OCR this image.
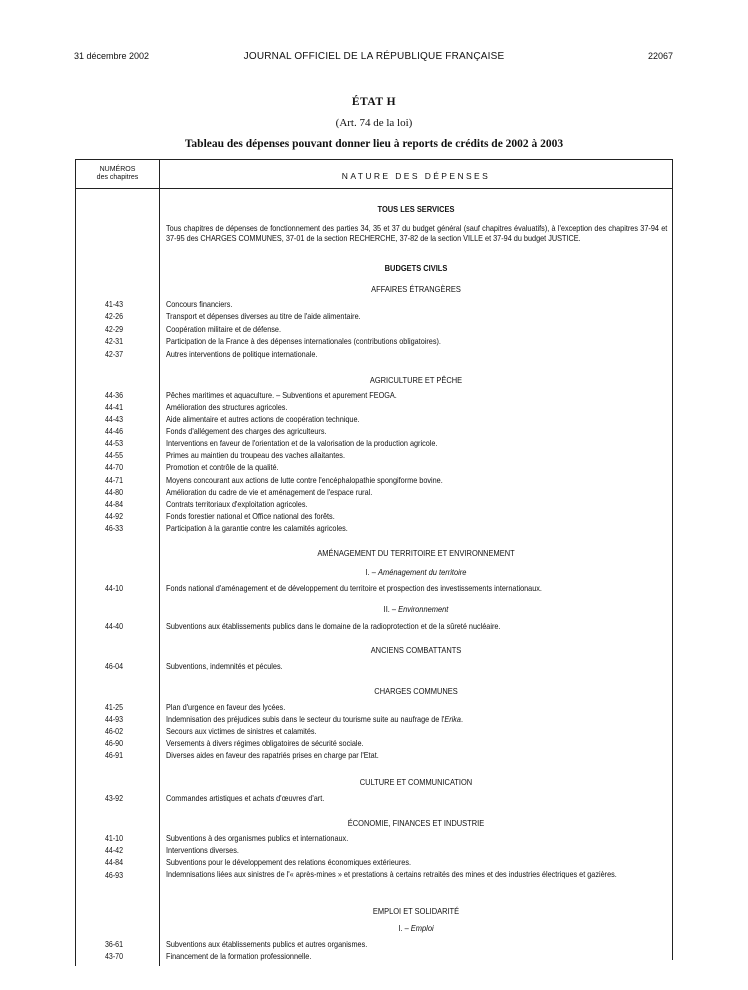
31 décembre 2002	JOURNAL OFFICIEL DE LA RÉPUBLIQUE FRANÇAISE	22067
ÉTAT H
(Art. 74 de la loi)
Tableau des dépenses pouvant donner lieu à reports de crédits de 2002 à 2003
NUMÉROS
des chapitres	NATURE DES DÉPENSES
TOUS LES SERVICES
Tous chapitres de dépenses de fonctionnement des parties 34, 35 et 37 du budget général (sauf chapitres évaluatifs), à l'exception des chapitres 37-94 et 37-95 des CHARGES COMMUNES, 37-01 de la section RECHERCHE, 37-82 de la section VILLE et 37-94 du budget JUSTICE.
BUDGETS CIVILS
AFFAIRES ÉTRANGÈRES
41-43	Concours financiers.
42-26	Transport et dépenses diverses au titre de l'aide alimentaire.
42-29	Coopération militaire et de défense.
42-31	Participation de la France à des dépenses internationales (contributions obligatoires).
42-37	Autres interventions de politique internationale.
AGRICULTURE ET PÊCHE
44-36	Pêches maritimes et aquaculture. – Subventions et apurement FEOGA.
44-41	Amélioration des structures agricoles.
44-43	Aide alimentaire et autres actions de coopération technique.
44-46	Fonds d'allégement des charges des agriculteurs.
44-53	Interventions en faveur de l'orientation et de la valorisation de la production agricole.
44-55	Primes au maintien du troupeau des vaches allaitantes.
44-70	Promotion et contrôle de la qualité.
44-71	Moyens concourant aux actions de lutte contre l'encéphalopathie spongiforme bovine.
44-80	Amélioration du cadre de vie et aménagement de l'espace rural.
44-84	Contrats territoriaux d'exploitation agricoles.
44-92	Fonds forestier national et Office national des forêts.
46-33	Participation à la garantie contre les calamités agricoles.
AMÉNAGEMENT DU TERRITOIRE ET ENVIRONNEMENT
I. – Aménagement du territoire
44-10	Fonds national d'aménagement et de développement du territoire et prospection des investissements internationaux.
II. – Environnement
44-40	Subventions aux établissements publics dans le domaine de la radioprotection et de la sûreté nucléaire.
ANCIENS COMBATTANTS
46-04	Subventions, indemnités et pécules.
CHARGES COMMUNES
41-25	Plan d'urgence en faveur des lycées.
44-93	Indemnisation des préjudices subis dans le secteur du tourisme suite au naufrage de l'Erika.
46-02	Secours aux victimes de sinistres et calamités.
46-90	Versements à divers régimes obligatoires de sécurité sociale.
46-91	Diverses aides en faveur des rapatriés prises en charge par l'Etat.
CULTURE ET COMMUNICATION
43-92	Commandes artistiques et achats d'œuvres d'art.
ÉCONOMIE, FINANCES ET INDUSTRIE
41-10	Subventions à des organismes publics et internationaux.
44-42	Interventions diverses.
44-84	Subventions pour le développement des relations économiques extérieures.
46-93	Indemnisations liées aux sinistres de l'« après-mines » et prestations à certains retraités des mines et des industries électriques et gazières.
EMPLOI ET SOLIDARITÉ
I. – Emploi
36-61	Subventions aux établissements publics et autres organismes.
43-70	Financement de la formation professionnelle.
